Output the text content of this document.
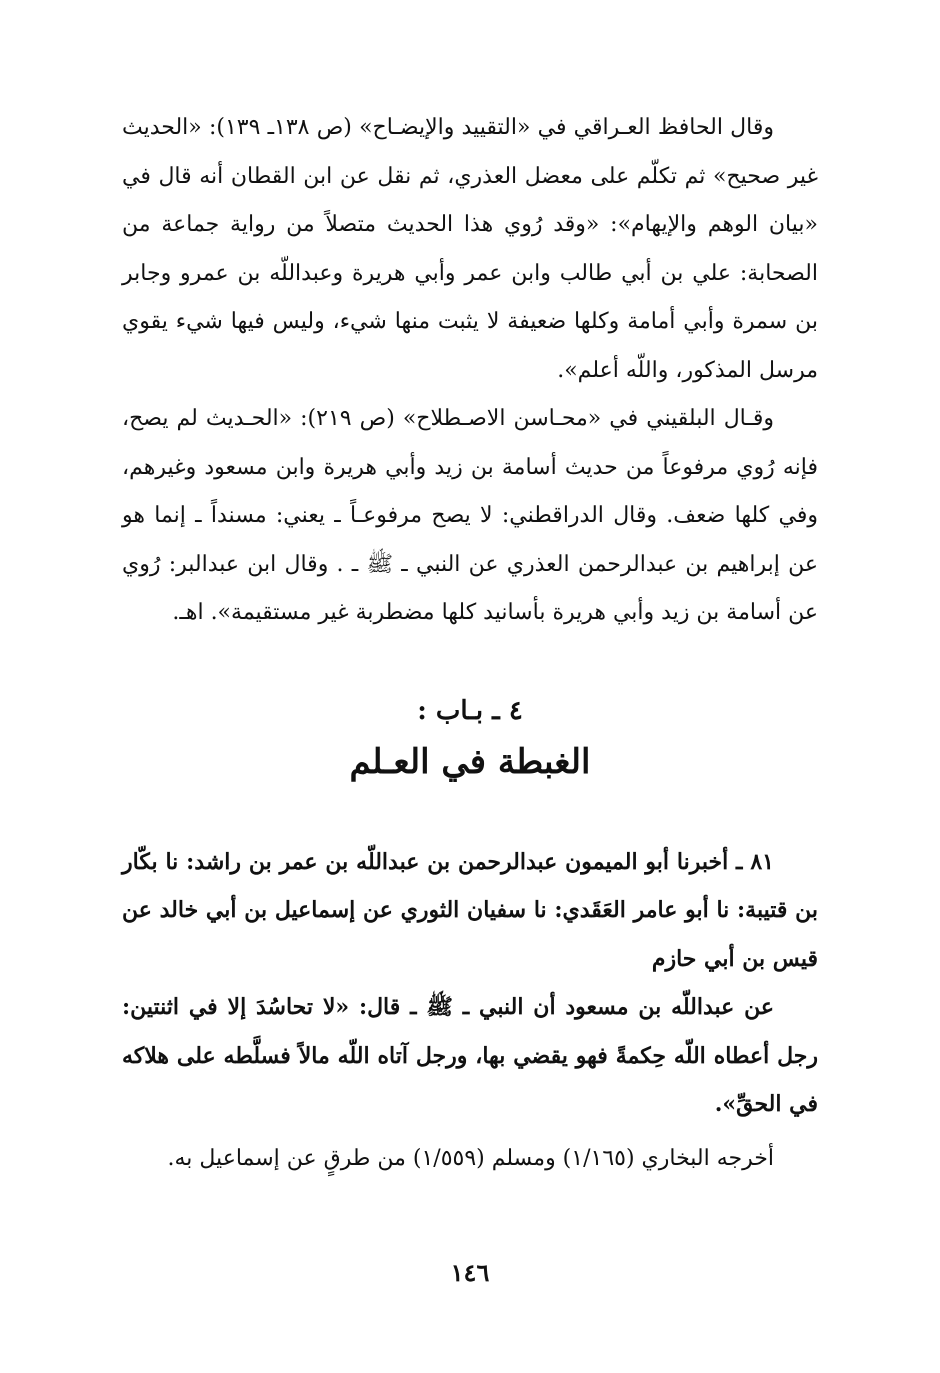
وقال الحافظ العـراقي في «التقييد والإيضـاح» (ص ١٣٨ـ ١٣٩): «الحديث غير صحيح» ثم تكلّم على معضل العذري، ثم نقل عن ابن القطان أنه قال في «بيان الوهم والإيهام»: «وقد رُوي هذا الحديث متصلاً من رواية جماعة من الصحابة: علي بن أبي طالب وابن عمر وأبي هريرة وعبداللّه بن عمرو وجابر بن سمرة وأبي أمامة وكلها ضعيفة لا يثبت منها شيء، وليس فيها شيء يقوي مرسل المذكور، واللّه أعلم».

وقـال البلقيني في «محـاسن الاصـطلاح» (ص ٢١٩): «الحـديث لم يصح، فإنه رُوي مرفوعاً من حديث أسامة بن زيد وأبي هريرة وابن مسعود وغيرهم، وفي كلها ضعف. وقال الدراقطني: لا يصح مرفوعـاً ـ يعني: مسنداً ـ إنما هو عن إبراهيم بن عبدالرحمن العذري عن النبي ـ ﷺ ـ . وقال ابن عبدالبر: رُوي عن أسامة بن زيد وأبي هريرة بأسانيد كلها مضطربة غير مستقيمة». اهـ.

٤ ـ بـاب :

الغبطة في العـلم

٨١ ـ أخبرنا أبو الميمون عبدالرحمن بن عبداللّه بن عمر بن راشد: نا بكّار بن قتيبة: نا أبو عامر العَقَدي: نا سفيان الثوري عن إسماعيل بن أبي خالد عن قيس بن أبي حازم

عن عبداللّه بن مسعود أن النبي ـ ﷺ ـ قال: «لا تحاسُدَ إلا في اثنتين: رجل أعطاه اللّه حِكمةً فهو يقضي بها، ورجل آتاه اللّه مالاً فسلَّطه على هلاكه في الحقِّ».

أخرجه البخاري (١/١٦٥) ومسلم (١/٥٥٩) من طرقٍ عن إسماعيل به.

١٤٦
